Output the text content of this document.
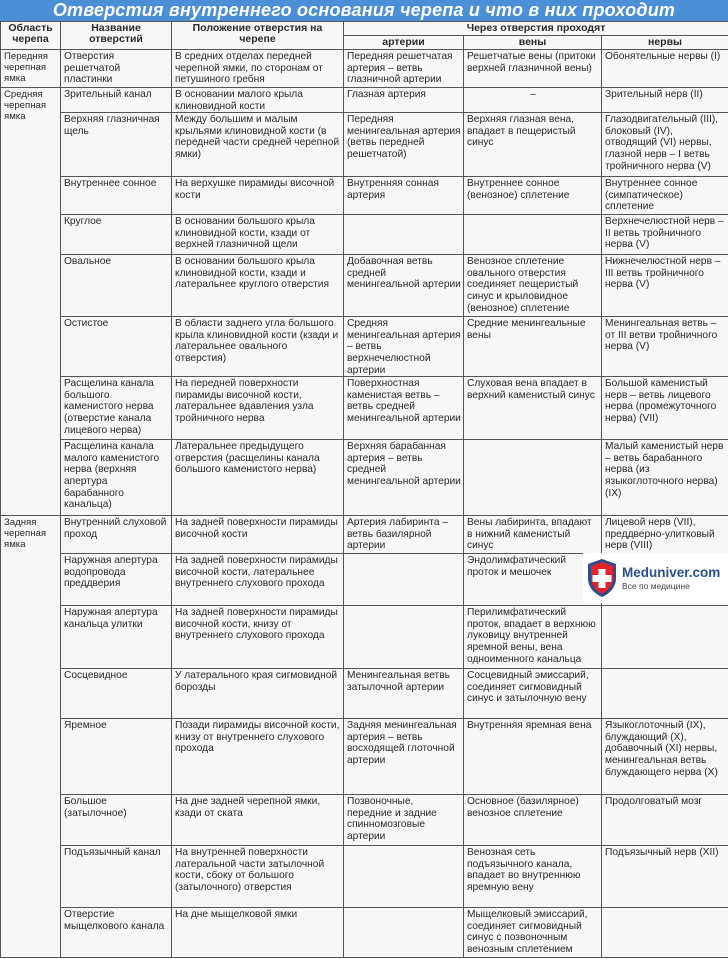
Отверстия внутреннего основания черепа и что в них проходит
Область черепа	Название отверстий	Положение отверстия на черепе	Через отверстия проходят		
			артерии	вены	нервы
Передняя черепная ямка	Отверстия решетчатой пластинки	В средних отделах передней черепной ямки, по сторонам от петушиного гребня	Передняя решетчатая артерия – ветвь глазничной артерии	Решетчатые вены (притоки верхней глазничной вены)	Обонятельные нервы (I)
Средняя черепная ямка	Зрительный канал	В основании малого крыла клиновидной кости	Глазная артерия	–	Зрительный нерв (II)
	Верхняя глазничная щель	Между большим и малым крыльями клиновидной кости (в передней части средней черепной ямки)	Передняя менингеальная артерия (ветвь передней решетчатой)	Верхняя глазная вена, впадает в пещеристый синус	Глазодвигательный (III), блоковый (IV), отводящий (VI) нервы, глазной нерв – I ветвь тройничного нерва (V)
	Внутреннее сонное	На верхушке пирамиды височной кости	Внутренняя сонная артерия	Внутреннее сонное (венозное) сплетение	Внутреннее сонное (симпатическое) сплетение
	Круглое	В основании большого крыла клиновидной кости, кзади от верхней глазничной щели			Верхнечелюстной нерв – II ветвь тройничного нерва (V)
	Овальное	В основании большого крыла клиновидной кости, кзади и латеральнее круглого отверстия	Добавочная ветвь средней менингеальной артерии	Венозное сплетение овального отверстия соединяет пещеристый синус и крыловидное (венозное) сплетение	Нижнечелюстной нерв – III ветвь тройничного нерва (V)
	Остистое	В области заднего угла большого крыла клиновидной кости (кзади и латеральнее овального отверстия)	Средняя менингеальная артерия – ветвь верхнечелюстной артерии	Средние менингеальные вены	Менингеальная ветвь – от III ветви тройничного нерва (V)
	Расщелина канала большого каменистого нерва (отверстие канала лицевого нерва)	На передней поверхности пирамиды височной кости, латеральнее вдавления узла тройничного нерва	Поверхностная каменистая ветвь – ветвь средней менингеальной артерии	Слуховая вена впадает в верхний каменистый синус	Большой каменистый нерв – ветвь лицевого нерва (промежуточного нерва) (VII)
	Расщелина канала малого каменистого нерва (верхняя апертура барабанного канальца)	Латеральнее предыдущего отверстия (расщелины канала большого каменистого нерва)	Верхняя барабанная артерия – ветвь средней менингеальной артерии		Малый каменистый нерв – ветвь барабанного нерва (из языкоглоточного нерва) (IX)
Задняя черепная ямка	Внутренний слуховой проход	На задней поверхности пирамиды височной кости	Артерия лабиринта – ветвь базилярной артерии	Вены лабиринта, впадают в нижний каменистый синус	Лицевой нерв (VII), преддверно-улитковый нерв (VIII)
	Наружная апертура водопровода преддверия	На задней поверхности пирамиды височной кости, латеральнее внутреннего слухового прохода		Эндолимфатический проток и мешочек	
	Наружная апертура канальца улитки	На задней поверхности пирамиды височной кости, книзу от внутреннего слухового прохода		Перилимфатический проток, впадает в верхнюю луковицу внутренней яремной вены, вена одноименного канальца	
	Сосцевидное	У латерального края сигмовидной борозды	Менингеальная ветвь затылочной артерии	Сосцевидный эмиссарий, соединяет сигмовидный синус и затылочную вену	
	Яремное	Позади пирамиды височной кости, книзу от внутреннего слухового прохода	Задняя менингеальная артерия – ветвь восходящей глоточной артерии	Внутренняя яремная вена	Языкоглоточный (IX), блуждающий (X), добавочный (XI) нервы, менингеальная ветвь блуждающего нерва (X)
	Большое (затылочное)	На дне задней черепной ямки, кзади от ската	Позвоночные, передние и задние спинномозговые артерии	Основное (базилярное) венозное сплетение	Продолговатый мозг
	Подъязычный канал	На внутренней поверхности латеральной части затылочной кости, сбоку от большого (затылочного) отверстия		Венозная сеть подъязычного канала, впадает во внутреннюю яремную вену	Подъязычный нерв (XII)
	Отверстие мыщелкового канала	На дне мыщелковой ямки		Мыщелковый эмиссарий, соединяет сигмовидный синус с позвоночным венозным сплетением	
Meduniver.com
Все по медицине
